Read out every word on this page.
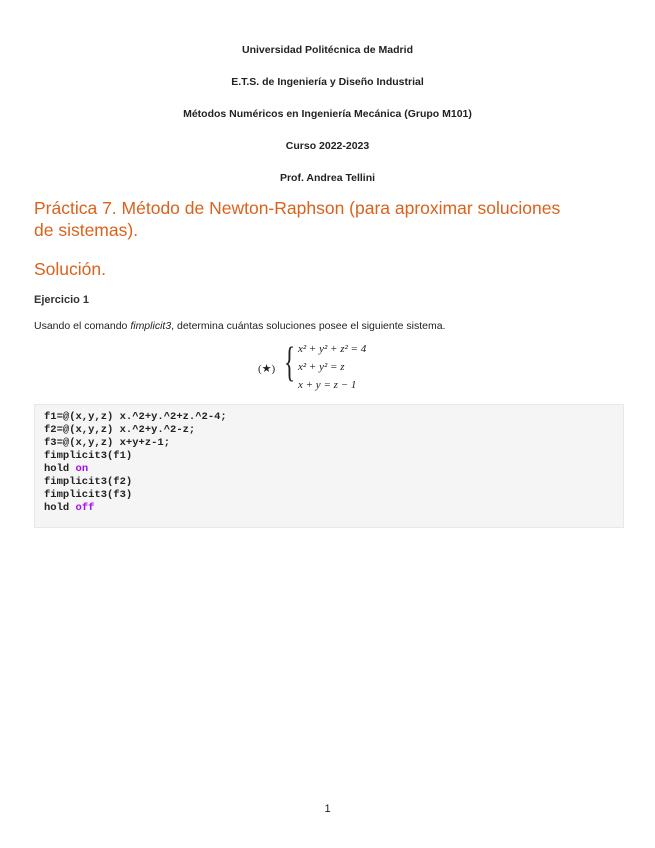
Universidad Politécnica de Madrid
E.T.S. de Ingeniería y Diseño Industrial
Métodos Numéricos en Ingeniería Mecánica (Grupo M101)
Curso 2022-2023
Prof. Andrea Tellini
Práctica 7. Método de Newton-Raphson (para aproximar soluciones
de sistemas).
Solución.
Ejercicio 1
Usando el comando fimplicit3, determina cuántas soluciones posee el siguiente sistema.
(★) { x² + y² + z² = 4
x² + y² = z
x + y = z − 1
f1=@(x,y,z) x.^2+y.^2+z.^2-4;
f2=@(x,y,z) x.^2+y.^2-z;
f3=@(x,y,z) x+y+z-1;
fimplicit3(f1)
hold on
fimplicit3(f2)
fimplicit3(f3)
hold off
1
